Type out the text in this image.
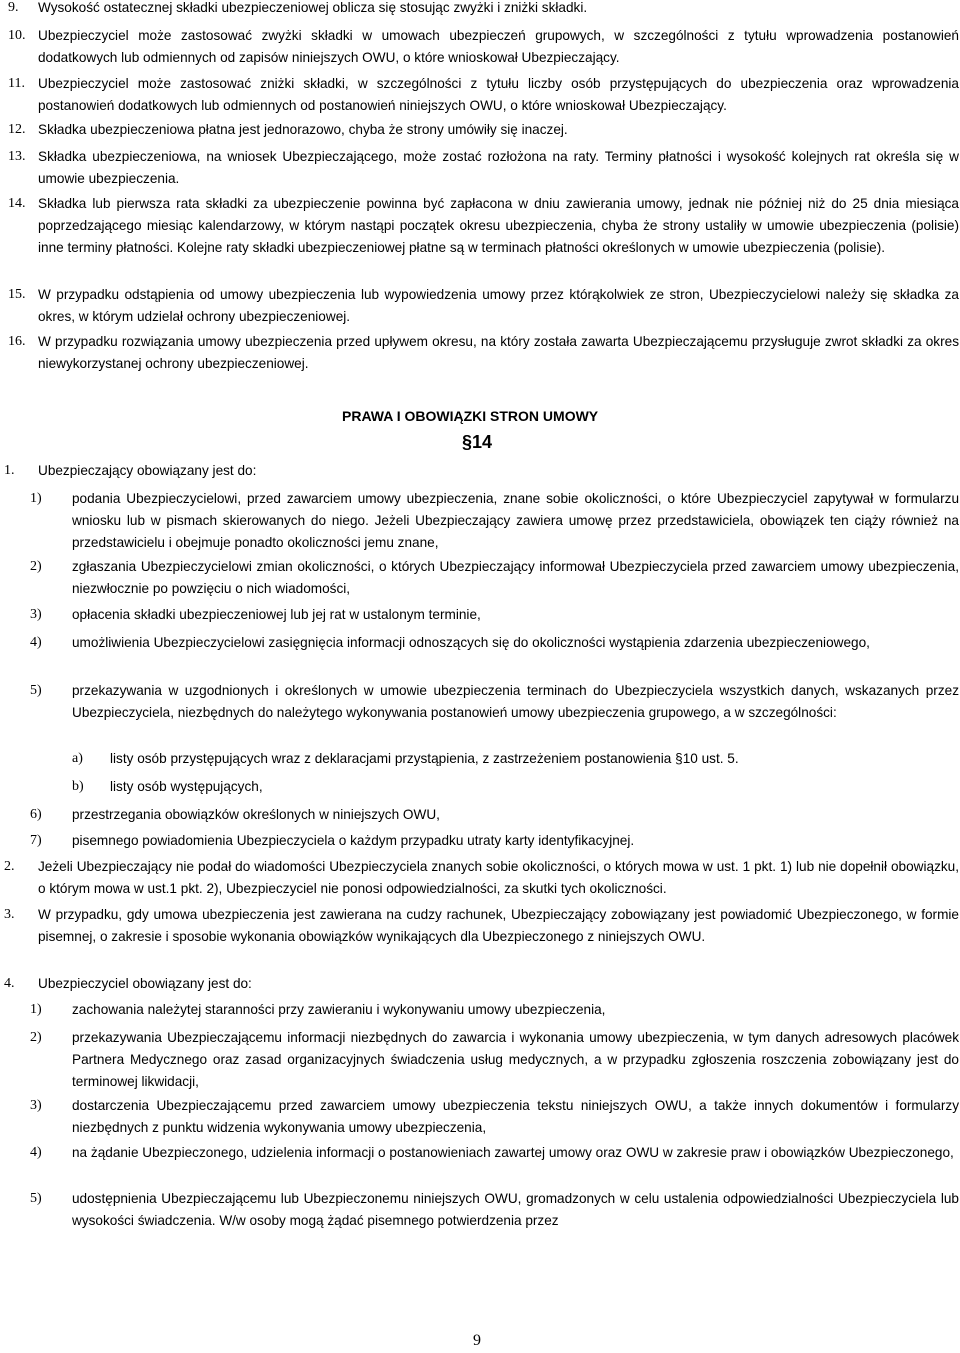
9. Wysokość ostatecznej składki ubezpieczeniowej oblicza się stosując zwyżki i zniżki składki.
10. Ubezpieczyciel może zastosować zwyżki składki w umowach ubezpieczeń grupowych, w szczególności z tytułu wprowadzenia postanowień dodatkowych lub odmiennych od zapisów niniejszych OWU, o które wnioskował Ubezpieczający.
11. Ubezpieczyciel może zastosować zniżki składki, w szczególności z tytułu liczby osób przystępujących do ubezpieczenia oraz wprowadzenia postanowień dodatkowych lub odmiennych od postanowień niniejszych OWU, o które wnioskował Ubezpieczający.
12. Składka ubezpieczeniowa płatna jest jednorazowo, chyba że strony umówiły się inaczej.
13. Składka ubezpieczeniowa, na wniosek Ubezpieczającego, może zostać rozłożona na raty. Terminy płatności i wysokość kolejnych rat określa się w umowie ubezpieczenia.
14. Składka lub pierwsza rata składki za ubezpieczenie powinna być zapłacona w dniu zawierania umowy, jednak nie później niż do 25 dnia miesiąca poprzedzającego miesiąc kalendarzowy, w którym nastąpi początek okresu ubezpieczenia, chyba że strony ustaliły w umowie ubezpieczenia (polisie) inne terminy płatności. Kolejne raty składki ubezpieczeniowej płatne są w terminach płatności określonych w umowie ubezpieczenia (polisie).
15. W przypadku odstąpienia od umowy ubezpieczenia lub wypowiedzenia umowy przez którąkolwiek ze stron, Ubezpieczycielowi należy się składka za okres, w którym udzielał ochrony ubezpieczeniowej.
16. W przypadku rozwiązania umowy ubezpieczenia przed upływem okresu, na który została zawarta Ubezpieczającemu przysługuje zwrot składki za okres niewykorzystanej ochrony ubezpieczeniowej.
PRAWA I OBOWIĄZKI STRON UMOWY
§14
1. Ubezpieczający obowiązany jest do:
1) podania Ubezpieczycielowi, przed zawarciem umowy ubezpieczenia, znane sobie okoliczności, o które Ubezpieczyciel zapytywał w formularzu wniosku lub w pismach skierowanych do niego. Jeżeli Ubezpieczający zawiera umowę przez przedstawiciela, obowiązek ten ciąży również na przedstawicielu i obejmuje ponadto okoliczności jemu znane,
2) zgłaszania Ubezpieczycielowi zmian okoliczności, o których Ubezpieczający informował Ubezpieczyciela przed zawarciem umowy ubezpieczenia, niezwłocznie po powzięciu o nich wiadomości,
3) opłacenia składki ubezpieczeniowej lub jej rat w ustalonym terminie,
4) umożliwienia Ubezpieczycielowi zasięgnięcia informacji odnoszących się do okoliczności wystąpienia zdarzenia ubezpieczeniowego,
5) przekazywania w uzgodnionych i określonych w umowie ubezpieczenia terminach do Ubezpieczyciela wszystkich danych, wskazanych przez Ubezpieczyciela, niezbędnych do należytego wykonywania postanowień umowy ubezpieczenia grupowego, a w szczególności:
a) listy osób przystępujących wraz z deklaracjami przystąpienia, z zastrzeżeniem postanowienia §10 ust. 5.
b) listy osób występujących,
6) przestrzegania obowiązków określonych w niniejszych OWU,
7) pisemnego powiadomienia Ubezpieczyciela o każdym przypadku utraty karty identyfikacyjnej.
2. Jeżeli Ubezpieczający nie podał do wiadomości Ubezpieczyciela znanych sobie okoliczności, o których mowa w ust. 1 pkt. 1) lub nie dopełnił obowiązku, o którym mowa w ust.1 pkt. 2), Ubezpieczyciel nie ponosi odpowiedzialności, za skutki tych okoliczności.
3. W przypadku, gdy umowa ubezpieczenia jest zawierana na cudzy rachunek, Ubezpieczający zobowiązany jest powiadomić Ubezpieczonego, w formie pisemnej, o zakresie i sposobie wykonania obowiązków wynikających dla Ubezpieczonego z niniejszych OWU.
4. Ubezpieczyciel obowiązany jest do:
1) zachowania należytej staranności przy zawieraniu i wykonywaniu umowy ubezpieczenia,
2) przekazywania Ubezpieczającemu informacji niezbędnych do zawarcia i wykonania umowy ubezpieczenia, w tym danych adresowych placówek Partnera Medycznego oraz zasad organizacyjnych świadczenia usług medycznych, a w przypadku zgłoszenia roszczenia zobowiązany jest do terminowej likwidacji,
3) dostarczenia Ubezpieczającemu przed zawarciem umowy ubezpieczenia tekstu niniejszych OWU, a także innych dokumentów i formularzy niezbędnych z punktu widzenia wykonywania umowy ubezpieczenia,
4) na żądanie Ubezpieczonego, udzielenia informacji o postanowieniach zawartej umowy oraz OWU w zakresie praw i obowiązków Ubezpieczonego,
5) udostępnienia Ubezpieczającemu lub Ubezpieczonemu niniejszych OWU, gromadzonych w celu ustalenia odpowiedzialności Ubezpieczyciela lub wysokości świadczenia. W/w osoby mogą żądać pisemnego potwierdzenia przez
9
